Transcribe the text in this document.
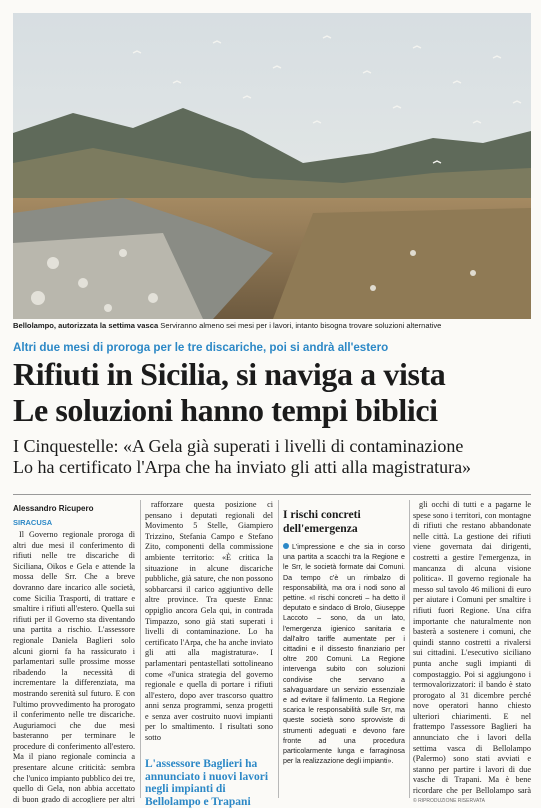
Bellolampo, autorizzata la settima vasca Serviranno almeno sei mesi per i lavori, intanto bisogna trovare soluzioni alternative
Altri due mesi di proroga per le tre discariche, poi si andrà all'estero
Rifiuti in Sicilia, si naviga a vista
Le soluzioni hanno tempi biblici
I Cinquestelle: «A Gela già superati i livelli di contaminazione
Lo ha certificato l'Arpa che ha inviato gli atti alla magistratura»
Alessandro Ricupero
SIRACUSA

Il Governo regionale proroga di altri due mesi il conferimento di rifiuti nelle tre discariche di Siciliana, Oikos e Gela e attende la mossa delle Srr. Che a breve dovranno dare incarico alle società, come Sicilia Trasporti, di trattare e smaltire i rifiuti all'estero. Quella sui rifiuti per il Governo sta diventando una partita a rischio. L'assessore regionale Daniela Baglieri solo alcuni giorni fa ha rassicurato i parlamentari sulle prossime mosse ribadendo la necessità di incrementare la differenziata, ma mostrando serenità sul futuro. E con l'ultimo provvedimento ha prorogato il conferimento nelle tre discariche. Auguriamoci che due mesi basteranno per terminare le procedure di conferimento all'estero. Ma il piano regionale comincia a presentare alcune criticità: sembra che l'unico impianto pubblico dei tre, quello di Gela, non abbia accettato di buon grado di accogliere per altri

rafforzare questa posizione ci pensano i deputati regionali del Movimento 5 Stelle, Giampiero Trizzino, Stefania Campo e Stefano Zito, componenti della commissione ambiente territorio: «È critica la situazione in alcune discariche pubbliche, già sature, che non possono sobbarcarsi il carico aggiuntivo delle altre province. Tra queste Enna: oppiglio ancora Gela qui, in contrada Timpazzo, sono già stati superati i livelli di contaminazione. Lo ha certificato l'Arpa, che ha anche inviato gli atti alla magistratura». I parlamentari pentastellati sottolineano come «l'unica strategia del governo regionale e quella di portare i rifiuti all'estero, dopo aver trascorso quattro anni senza programmi, senza progetti e senza aver costruito nuovi impianti per lo smaltimento. I risultati sono sotto

L'assessore Baglieri ha annunciato i nuovi lavori negli impianti di Bellolampo e Trapani
I rischi concreti dell'emergenza
L'impressione e che sia in corso una partita a scacchi tra la Regione e le Srr, le società formate dai Comuni. Da tempo c'è un rimbalzo di responsabilità, ma ora i nodi sono al pettine. «I rischi concreti – ha detto il deputato e sindaco di Brolo, Giuseppe Laccoto – sono, da un lato, l'emergenza igienico sanitaria e dall'altro tariffe aumentate per i cittadini e il dissesto finanziario per oltre 200 Comuni. La Regione intervenga subito con soluzioni condivise che servano a salvaguardare un servizio essenziale e ad evitare il fallimento. La Regione scarica le responsabilità sulle Srr, ma queste società sono sprovviste di strumenti adeguati e devono fare fronte ad una procedura particolarmente lunga e farraginosa per la realizzazione degli impianti».

gli occhi di tutti e a pagarne le spese sono i territori, con montagne di rifiuti che restano abbandonate nelle città. La gestione dei rifiuti viene governata dai dirigenti, costretti a gestire l'emergenza, in mancanza di alcuna visione politica». Il governo regionale ha messo sul tavolo 46 milioni di euro per aiutare i Comuni per smaltire i rifiuti fuori Regione. Una cifra importante che naturalmente non basterà a sostenere i comuni, che quindi stanno costretti a rivalersi sui cittadini. L'esecutivo siciliano punta anche sugli impianti di compostaggio. Poi si aggiungono i termovalorizzatori: il bando è stato prorogato al 31 dicembre perché nove operatori hanno chiesto ulteriori chiarimenti. E nel frattempo l'assessore Baglieri ha annunciato che i lavori della settima vasca di Bellolampo (Palermo) sono stati avviati e stanno per partire i lavori di due vasche di Trapani. Ma è bene ricordare che per Bellolampo sarà

© RIPRODUZIONE RISERVATA
